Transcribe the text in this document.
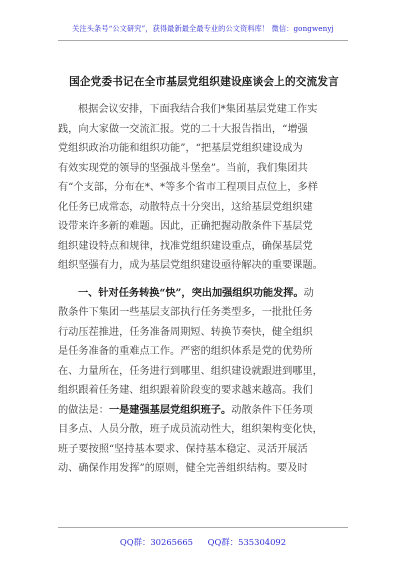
关注头条号“公文研究”，获得最新最全最专业的公文资料库！ 微信：gongwenyj
国企党委书记在全市基层党组织建设座谈会上的交流发言
根据会议安排，下面我结合我们*集团基层党建工作实
践，向大家做一交流汇报。党的二十大报告指出，“增强
党组织政治功能和组织功能”，“把基层党组织建设成为
有效实现党的领导的坚强战斗堡垒”。当前，我们集团共
有“个支部，分布在*、*等多个省市工程项目点位上，多样
化任务已成常态，动散特点十分突出，这给基层党组织建
设带来许多新的难题。因此，正确把握动散条件下基层党
组织建设特点和规律，找准党组织建设重点，确保基层党
组织坚强有力，成为基层党组织建设亟待解决的重要课题。
一、针对任务转换“快”，突出加强组织功能发挥。动
散条件下集团一些基层支部执行任务类型多，一批批任务
行动压茬推进，任务准备周期短、转换节奏快，健全组织
是任务准备的重难点工作。严密的组织体系是党的优势所
在、力量所在，任务进行到哪里、组织建设就跟进到哪里，
组织跟着任务建、组织跟着阶段变的要求越来越高。我们
的做法是：一是建强基层党组织班子。动散条件下任务项
目多点、人员分散，班子成员流动性大，组织架构变化快，
班子要按照“坚持基本要求、保持基本稳定、灵活开展活
动、确保作用发挥”的原则，健全完善组织结构。要及时
QQ群：30265665 QQ群：535304092
